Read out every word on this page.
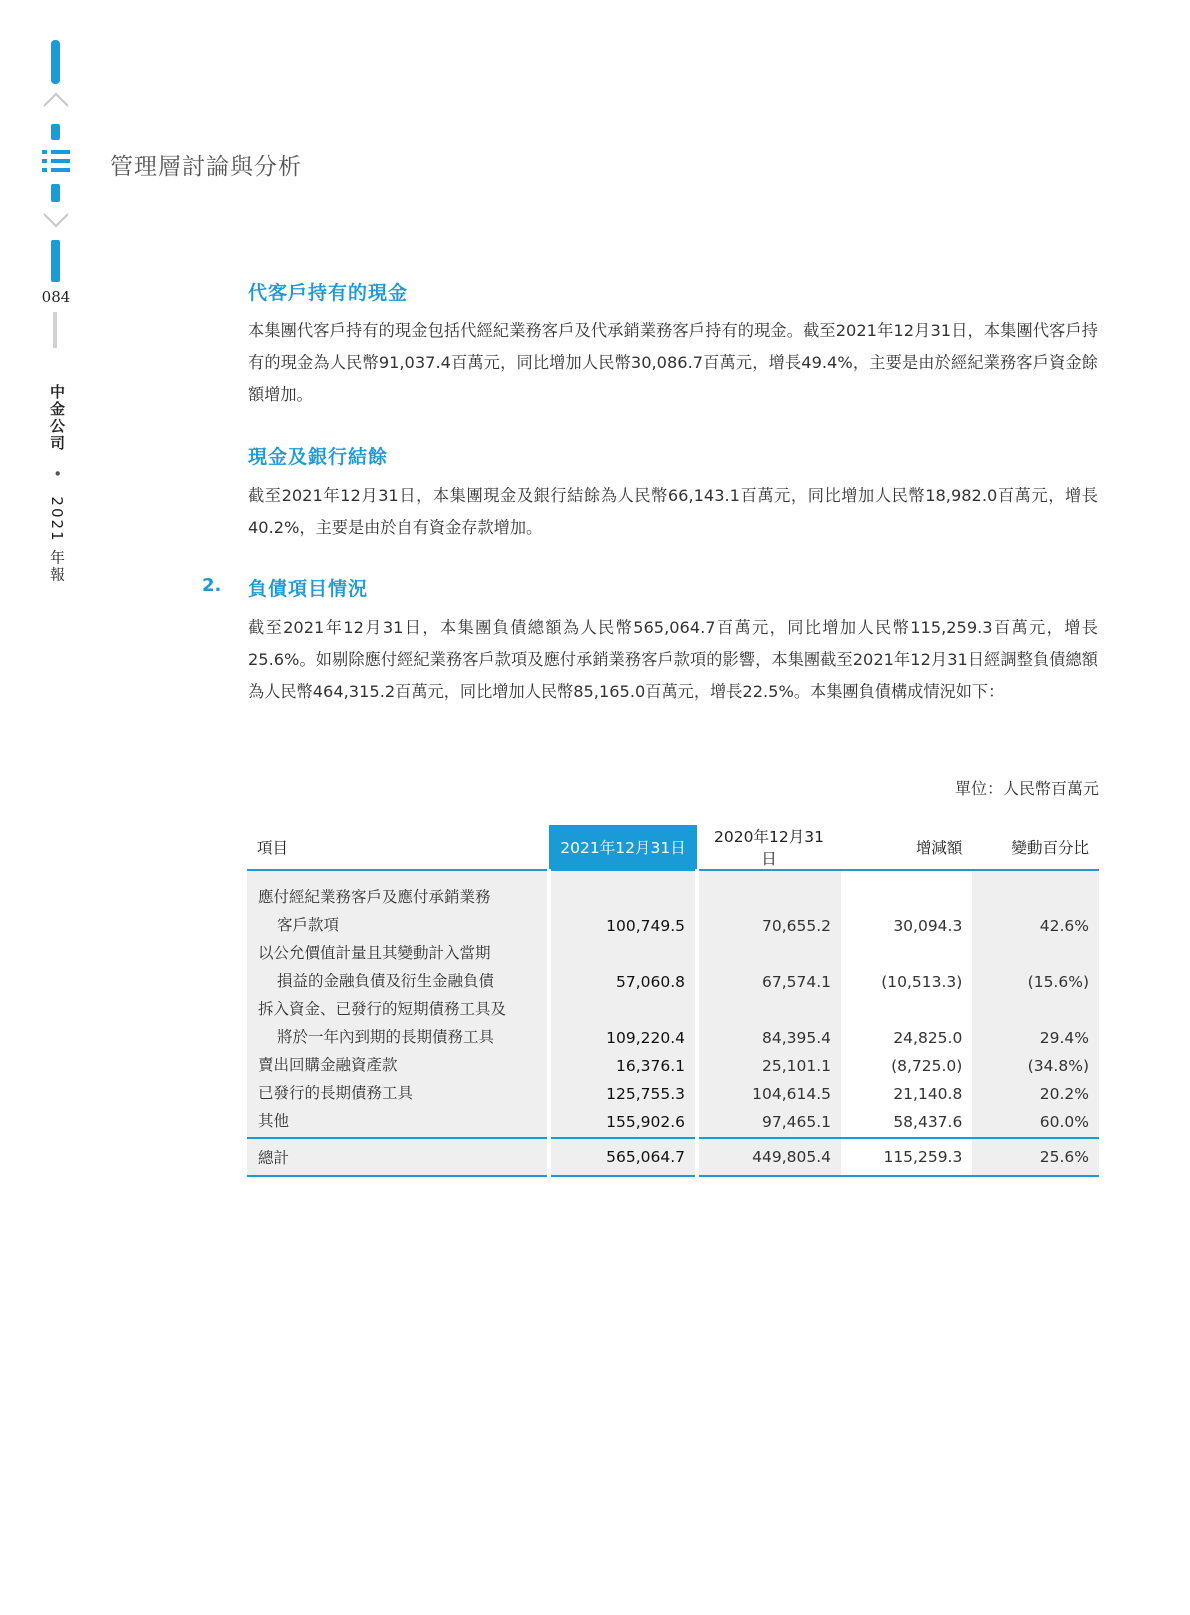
084
中金公司 • 2021 年報
管理層討論與分析
代客戶持有的現金
本集團代客戶持有的現金包括代經紀業務客戶及代承銷業務客戶持有的現金。截至2021年12月31日，本集團代客戶持有的現金為人民幣91,037.4百萬元，同比增加人民幣30,086.7百萬元，增長49.4%，主要是由於經紀業務客戶資金餘額增加。
現金及銀行結餘
截至2021年12月31日，本集團現金及銀行結餘為人民幣66,143.1百萬元，同比增加人民幣18,982.0百萬元，增長40.2%，主要是由於自有資金存款增加。
2. 負債項目情況
截至2021年12月31日，本集團負債總額為人民幣565,064.7百萬元，同比增加人民幣115,259.3百萬元，增長25.6%。如剔除應付經紀業務客戶款項及應付承銷業務客戶款項的影響，本集團截至2021年12月31日經調整負債總額為人民幣464,315.2百萬元，同比增加人民幣85,165.0百萬元，增長22.5%。本集團負債構成情況如下：
單位：人民幣百萬元
項目	2021年12月31日	2020年12月31日	增減額	變動百分比
應付經紀業務客戶及應付承銷業務				
客戶款項	100,749.5	70,655.2	30,094.3	42.6%
以公允價值計量且其變動計入當期				
損益的金融負債及衍生金融負債	57,060.8	67,574.1	(10,513.3)	(15.6%)
拆入資金、已發行的短期債務工具及				
將於一年內到期的長期債務工具	109,220.4	84,395.4	24,825.0	29.4%
賣出回購金融資產款	16,376.1	25,101.1	(8,725.0)	(34.8%)
已發行的長期債務工具	125,755.3	104,614.5	21,140.8	20.2%
其他	155,902.6	97,465.1	58,437.6	60.0%
總計	565,064.7	449,805.4	115,259.3	25.6%
